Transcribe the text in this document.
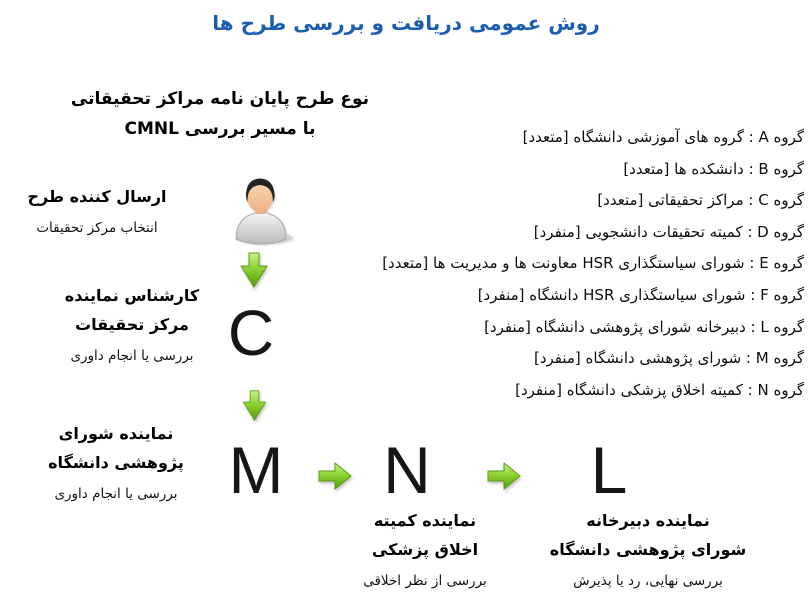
روش عمومی دریافت و بررسی طرح ها
نوع طرح پایان نامه مراکز تحقیقاتی
با مسیر بررسی CMNL
ارسال کننده طرح
انتخاب مرکز تحقیقات
C
کارشناس نماینده
مرکز تحقیقات
بررسی یا انجام داوری
نماینده شورای
پژوهشی دانشگاه
بررسی یا انجام داوری M N L
نماینده کمیته
اخلاق پزشکی
بررسی از نظر اخلاقی
نماینده دبیرخانه
شورای پژوهشی دانشگاه
بررسی نهایی، رد یا پذیرش
گروه A : گروه های آموزشی دانشگاه [متعدد]
گروه B : دانشکده ها [متعدد]
گروه C : مراکز تحقیقاتی [متعدد]
گروه D : کمیته تحقیقات دانشجویی [منفرد]
گروه E : شورای سیاستگذاری HSR معاونت ها و مدیریت ها [متعدد]
گروه F : شورای سیاستگذاری HSR دانشگاه [منفرد]
گروه L : دبیرخانه شورای پژوهشی دانشگاه [منفرد]
گروه M : شورای پژوهشی دانشگاه [منفرد]
گروه N : کمیته اخلاق پزشکی دانشگاه [منفرد]
